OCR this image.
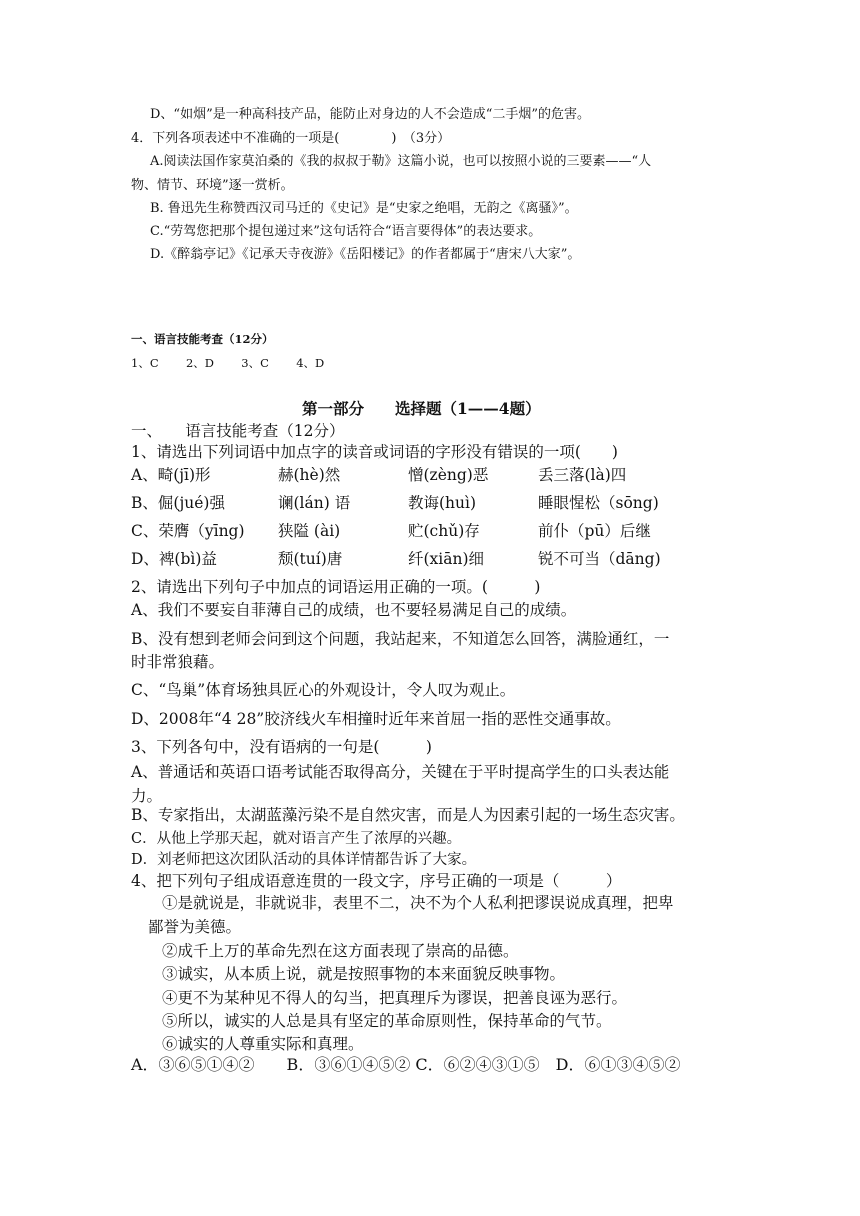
D、“如烟”是一种高科技产品，能防止对身边的人不会造成“二手烟”的危害。
4．下列各项表述中不准确的一项是(　　　　)　（3分）
A.阅读法国作家莫泊桑的《我的叔叔于勒》这篇小说，也可以按照小说的三要素——“人
物、情节、环境”逐一赏析。
B. 鲁迅先生称赞西汉司马迁的《史记》是“史家之绝唱，无韵之《离骚》”。
C.“劳驾您把那个提包递过来”这句话符合“语言要得体”的表达要求。
D.《醉翁亭记》《记承天寺夜游》《岳阳楼记》的作者都属于“唐宋八大家”。
一、语言技能考查（12分）
1、C 2、D 3、C 4、D
第一部分　　选择题（1——4题）
一、　　语言技能考查（12分）
1、请选出下列词语中加点字的读音或词语的字形没有错误的一项(　　)
A、畸(jī)形	赫(hè)然	憎(zèng)恶	丢三落(là)四
B、倔(jué)强	谰(lán) 语	教诲(huì)	睡眼惺松（sōng)
C、荣膺（yīng) 狭隘 (ài)	贮(chǔ)存	前仆（pū）后继
D、裨(bì)益	颓(tuí)唐	纤(xiān)细	锐不可当（dāng)
2、请选出下列句子中加点的词语运用正确的一项。(　　　)
A、我们不要妄自菲薄自己的成绩，也不要轻易满足自己的成绩。
B、没有想到老师会问到这个问题，我站起来，不知道怎么回答，满脸通红，一
时非常狼藉。
C、“鸟巢”体育场独具匠心的外观设计，令人叹为观止。
D、2008年“4 28”胶济线火车相撞时近年来首屈一指的恶性交通事故。
3、下列各句中，没有语病的一句是(　　　)
A、普通话和英语口语考试能否取得高分，关键在于平时提高学生的口头表达能
力。
B、专家指出，太湖蓝藻污染不是自然灾害，而是人为因素引起的一场生态灾害。
C．从他上学那天起，就对语言产生了浓厚的兴趣。
D．刘老师把这次团队活动的具体详情都告诉了大家。
4、把下列句子组成语意连贯的一段文字，序号正确的一项是（　　　）
①是就说是，非就说非，表里不二，决不为个人私利把谬误说成真理，把卑
鄙誉为美德。
②成千上万的革命先烈在这方面表现了崇高的品德。
③诚实，从本质上说，就是按照事物的本来面貌反映事物。
④更不为某种见不得人的勾当，把真理斥为谬误，把善良诬为恶行。
⑤所以，诚实的人总是具有坚定的革命原则性，保持革命的气节。
⑥诚实的人尊重实际和真理。
A．③⑥⑤①④②　　B．③⑥①④⑤② C．⑥②④③①⑤　D．⑥①③④⑤②
